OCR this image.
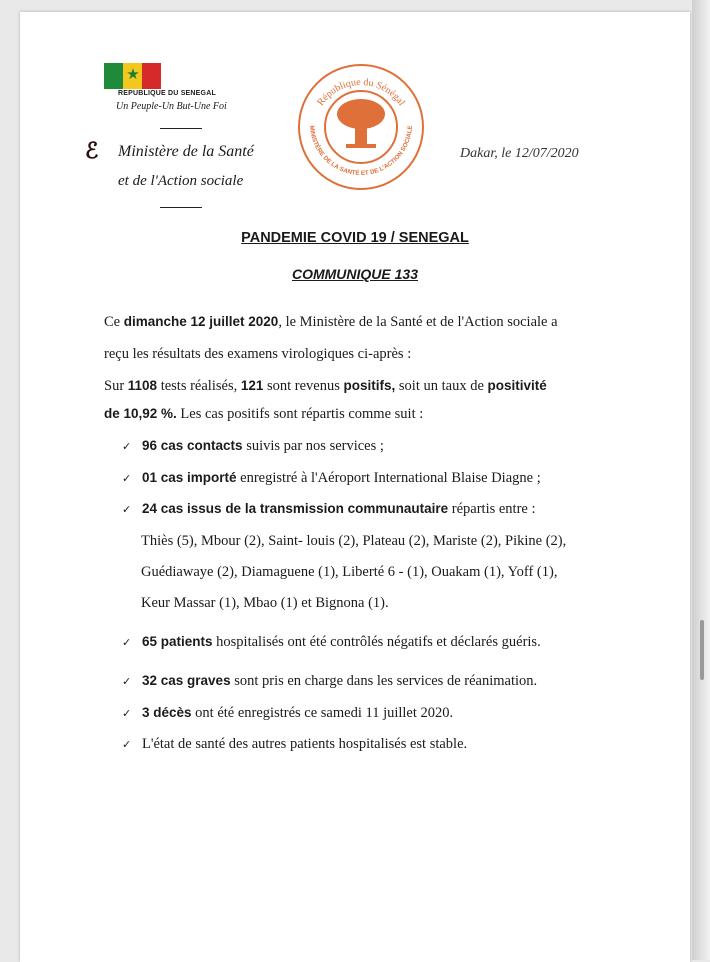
★
REPUBLIQUE DU SENEGAL
Un Peuple-Un But-Une Foi
ℰ Ministère de la Santé
et de l'Action sociale
République du Sénégal
MINISTÈRE DE LA SANTÉ ET DE L'ACTION SOCIALE
Dakar, le 12/07/2020
PANDEMIE COVID 19 / SENEGAL
COMMUNIQUE 133
Ce dimanche 12 juillet 2020, le Ministère de la Santé et de l'Action sociale a
reçu les résultats des examens virologiques ci-après :
Sur 1108 tests réalisés, 121 sont revenus positifs, soit un taux de positivité
de 10,92 %. Les cas positifs sont répartis comme suit :
✓ 96 cas contacts suivis par nos services ;
✓ 01 cas importé enregistré à l'Aéroport International Blaise Diagne ;
✓ 24 cas issus de la transmission communautaire répartis entre :
Thiès (5), Mbour (2), Saint- louis (2), Plateau (2), Mariste (2), Pikine (2),
Guédiawaye (2), Diamaguene (1), Liberté 6 - (1), Ouakam (1), Yoff (1),
Keur Massar (1), Mbao (1) et Bignona (1).
✓ 65 patients hospitalisés ont été contrôlés négatifs et déclarés guéris.
✓ 32 cas graves sont pris en charge dans les services de réanimation.
✓ 3 décès ont été enregistrés ce samedi 11 juillet 2020.
✓ L'état de santé des autres patients hospitalisés est stable.
